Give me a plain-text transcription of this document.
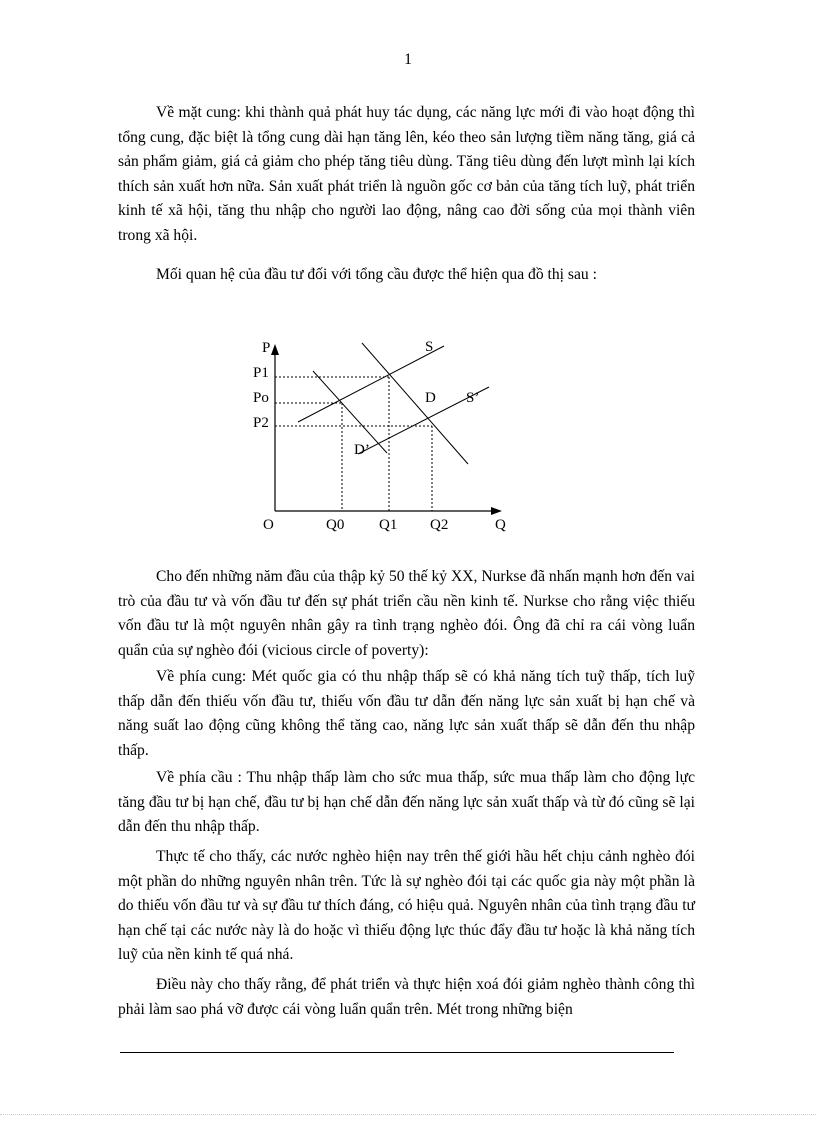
1

Về mặt cung: khi thành quả phát huy tác dụng, các năng lực mới đi vào hoạt động thì tổng cung, đặc biệt là tổng cung dài hạn tăng lên, kéo theo sản lượng tiềm năng tăng, giá cả sản phẩm giảm, giá cả giảm cho phép tăng tiêu dùng. Tăng tiêu dùng đến lượt mình lại kích thích sản xuất hơn nữa. Sản xuất phát triển là nguồn gốc cơ bản của tăng tích luỹ, phát triển kinh tế xã hội, tăng thu nhập cho người lao động, nâng cao đời sống của mọi thành viên trong xã hội.

Mối quan hệ của đầu tư đối với tổng cầu được thể hiện qua đồ thị sau :

P
P1
Po
P2
S
D S’
D’
O	Q0 Q1 Q2	Q

Cho đến những năm đầu của thập kỷ 50 thế kỷ XX, Nurkse đã nhấn mạnh hơn đến vai trò của đầu tư và vốn đầu tư đến sự phát triển cầu nền kinh tế. Nurkse cho rằng việc thiếu vốn đầu tư là một nguyên nhân gây ra tình trạng nghèo đói. Ông đã chỉ ra cái vòng luẩn quẩn của sự nghèo đói (vicious circle of poverty):

Về phía cung: Mét quốc gia có thu nhập thấp sẽ có khả năng tích tuỹ thấp, tích luỹ thấp dẫn đến thiếu vốn đầu tư, thiếu vốn đầu tư dẫn đến năng lực sản xuất bị hạn chế và năng suất lao động cũng không thể tăng cao, năng lực sản xuất thấp sẽ dẫn đến thu nhập thấp.

Về phía cầu : Thu nhập thấp làm cho sức mua thấp, sức mua thấp làm cho động lực tăng đầu tư bị hạn chế, đầu tư bị hạn chế dẫn đến năng lực sản xuất thấp và từ đó cũng sẽ lại dẫn đến thu nhập thấp.

Thực tế cho thấy, các nước nghèo hiện nay trên thế giới hầu hết chịu cảnh nghèo đói một phần do những nguyên nhân trên. Tức là sự nghèo đói tại các quốc gia này một phần là do thiếu vốn đầu tư và sự đầu tư thích đáng, có hiệu quả. Nguyên nhân của tình trạng đầu tư hạn chế tại các nước này là do hoặc vì thiếu động lực thúc đẩy đầu tư hoặc là khả năng tích luỹ của nền kinh tế quá nhá.

Điều này cho thấy rằng, để phát triển và thực hiện xoá đói giảm nghèo thành công thì phải làm sao phá vỡ được cái vòng luẩn quẩn trên. Mét trong những biện
